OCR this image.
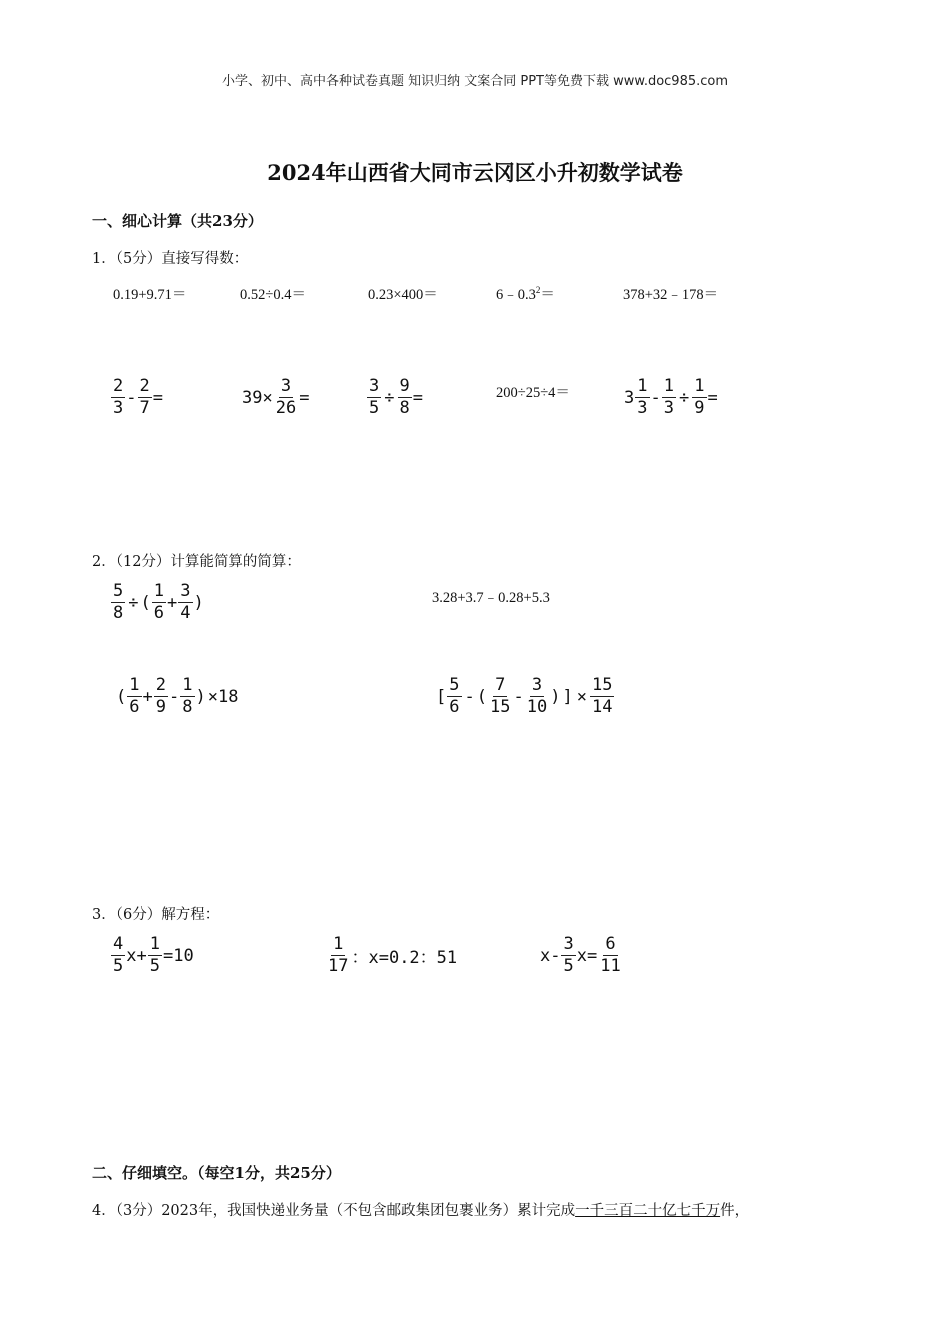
小学、初中、高中各种试卷真题 知识归纳 文案合同 PPT等免费下载 www.doc985.com
2024年山西省大同市云冈区小升初数学试卷
一、细心计算（共23分）
1．（5分）直接写得数：
0.19+9.71＝	0.52÷0.4＝	0.23×400＝	$6﹣0.3^2=$	378+32﹣178＝
$\frac{2}{3} - \frac{2}{7}$ =	$39\times \frac{3}{26}$ =	$\frac{3}{5} \div \frac{9}{8}$ =	200÷25÷4＝	$3 \frac{1}{3} - \frac{1}{3} \div \frac{1}{9}$ =
2．（12分）计算能简算的简算：
$\frac{5}{8}$ ÷ ( $\frac{1}{6} + \frac{3}{4}$ )	3.28+3.7﹣0.28+5.3
( $\frac{1}{6} + \frac{2}{9} - \frac{1}{8}$ ) ×18	[ $\frac{5}{6}$ - ( $\frac{7}{15} - \frac{3}{10}$ ) ] × $\frac{15}{14}$
3．（6分）解方程：
$\frac{4}{5} x+ \frac{1}{5} =10$	$\frac{1}{17}$ ：x=0.2：51	$x- \frac{3}{5} x= \frac{6}{11}$
二、仔细填空。（每空1分，共25分）
4．（3分）2023年，我国快递业务量（不包含邮政集团包裹业务）累计完成一千三百二十亿七千万件，
